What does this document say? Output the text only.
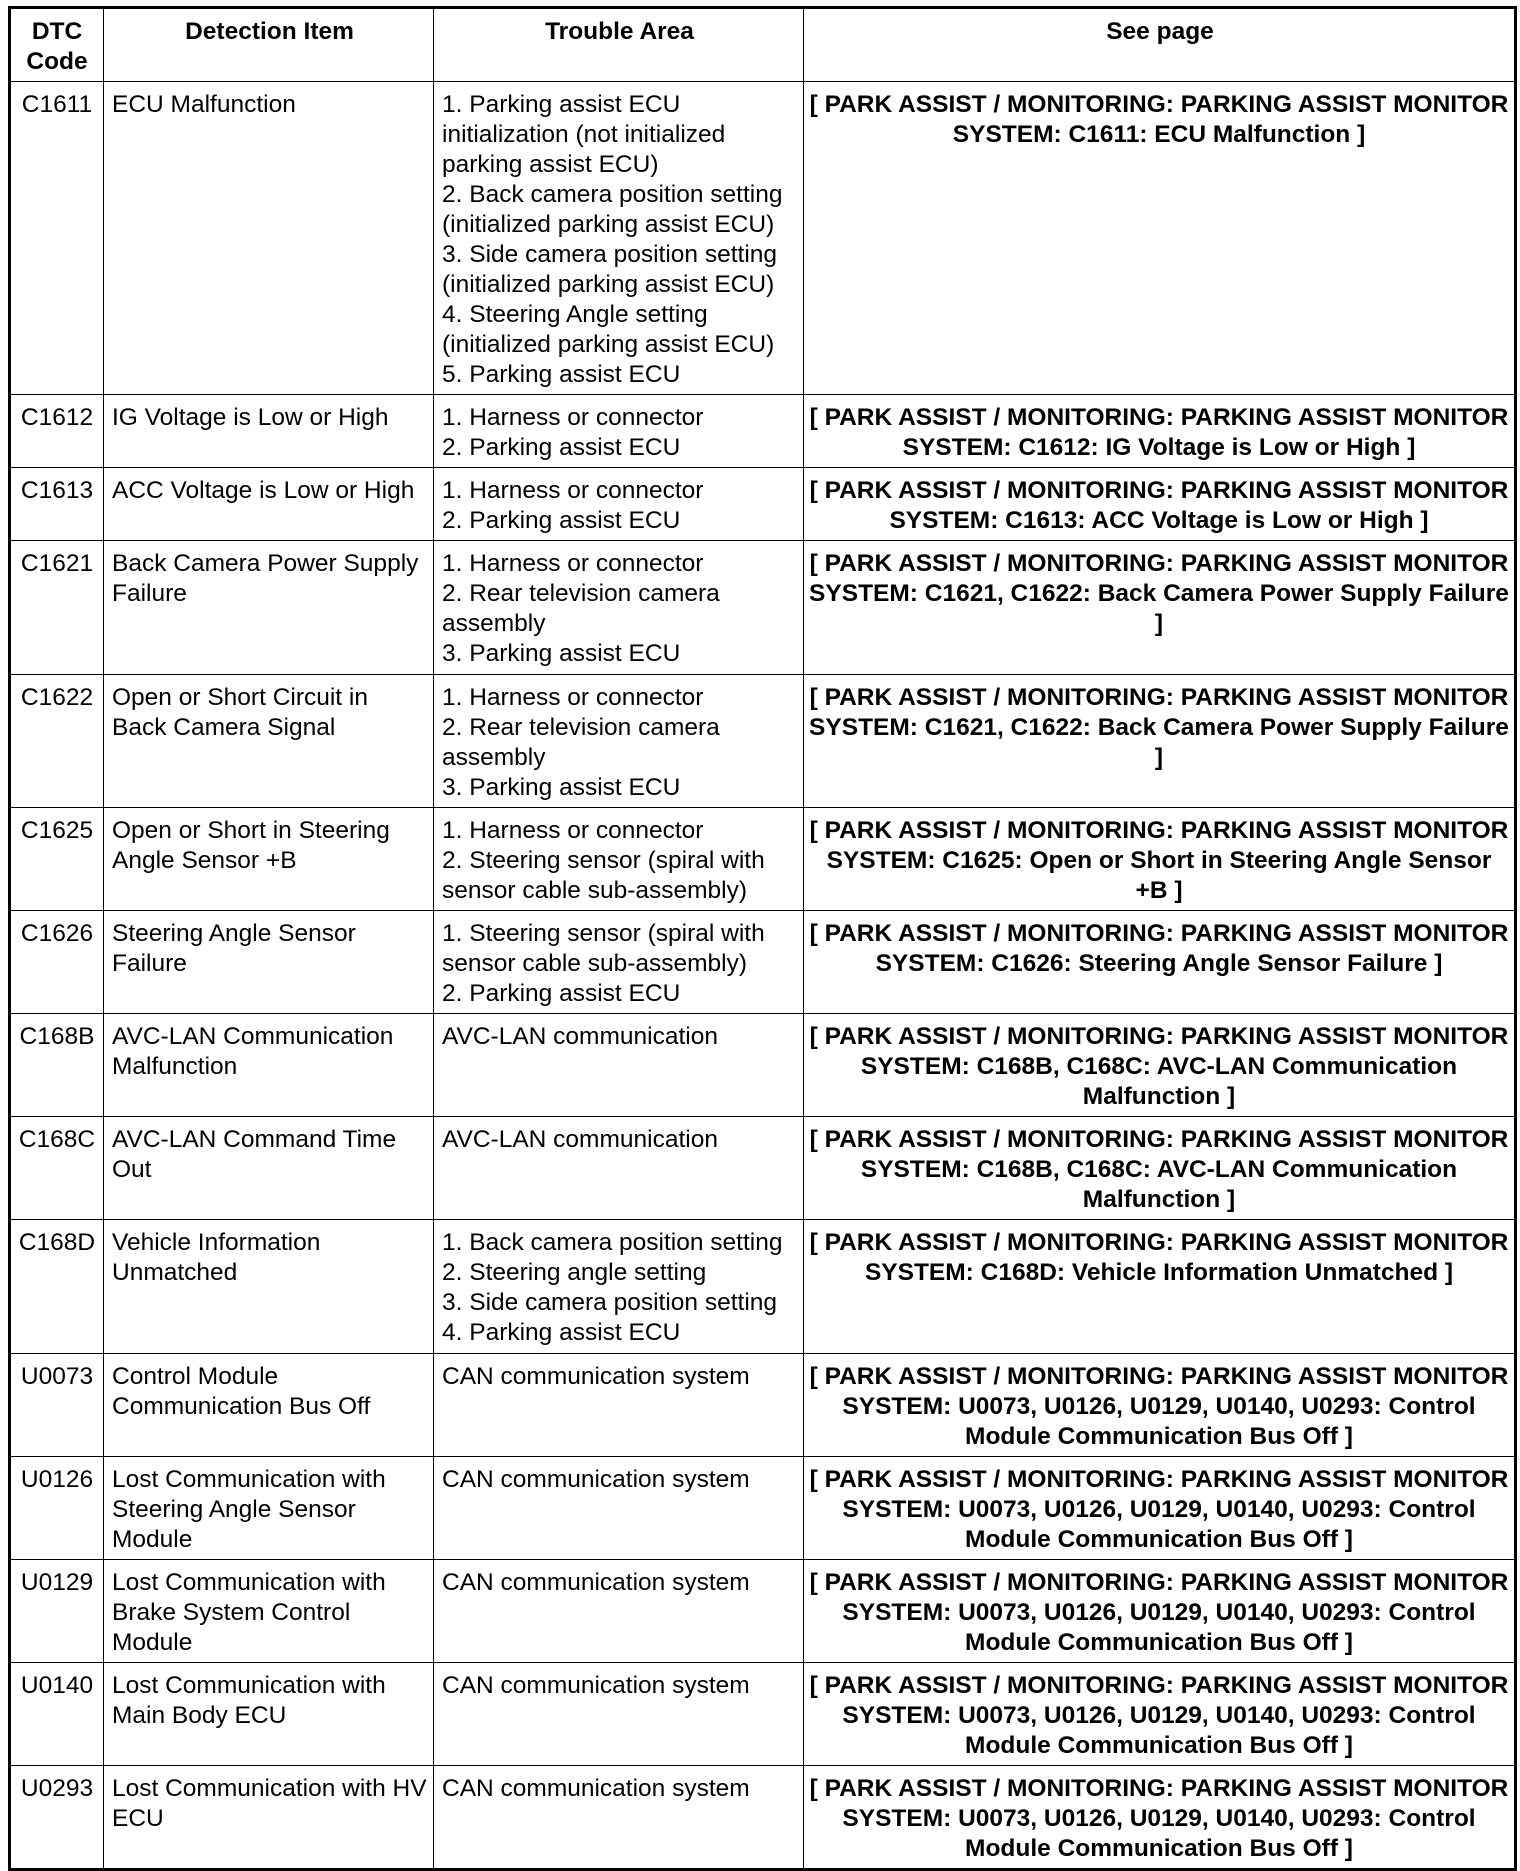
DTC Code	Detection Item	Trouble Area	See page
C1611	ECU Malfunction	1. Parking assist ECU initialization (not initialized parking assist ECU)
2. Back camera position setting (initialized parking assist ECU)
3. Side camera position setting (initialized parking assist ECU)
4. Steering Angle setting (initialized parking assist ECU)
5. Parking assist ECU	[ PARK ASSIST / MONITORING: PARKING ASSIST MONITOR SYSTEM: C1611: ECU Malfunction ]
C1612	IG Voltage is Low or High	1. Harness or connector
2. Parking assist ECU	[ PARK ASSIST / MONITORING: PARKING ASSIST MONITOR SYSTEM: C1612: IG Voltage is Low or High ]
C1613	ACC Voltage is Low or High	1. Harness or connector
2. Parking assist ECU	[ PARK ASSIST / MONITORING: PARKING ASSIST MONITOR SYSTEM: C1613: ACC Voltage is Low or High ]
C1621	Back Camera Power Supply Failure	1. Harness or connector
2. Rear television camera assembly
3. Parking assist ECU	[ PARK ASSIST / MONITORING: PARKING ASSIST MONITOR SYSTEM: C1621, C1622: Back Camera Power Supply Failure ]
C1622	Open or Short Circuit in Back Camera Signal	1. Harness or connector
2. Rear television camera assembly
3. Parking assist ECU	[ PARK ASSIST / MONITORING: PARKING ASSIST MONITOR SYSTEM: C1621, C1622: Back Camera Power Supply Failure ]
C1625	Open or Short in Steering Angle Sensor +B	1. Harness or connector
2. Steering sensor (spiral with sensor cable sub-assembly)	[ PARK ASSIST / MONITORING: PARKING ASSIST MONITOR SYSTEM: C1625: Open or Short in Steering Angle Sensor +B ]
C1626	Steering Angle Sensor Failure	1. Steering sensor (spiral with sensor cable sub-assembly)
2. Parking assist ECU	[ PARK ASSIST / MONITORING: PARKING ASSIST MONITOR SYSTEM: C1626: Steering Angle Sensor Failure ]
C168B	AVC-LAN Communication Malfunction	AVC-LAN communication	[ PARK ASSIST / MONITORING: PARKING ASSIST MONITOR SYSTEM: C168B, C168C: AVC-LAN Communication Malfunction ]
C168C	AVC-LAN Command Time Out	AVC-LAN communication	[ PARK ASSIST / MONITORING: PARKING ASSIST MONITOR SYSTEM: C168B, C168C: AVC-LAN Communication Malfunction ]
C168D	Vehicle Information Unmatched	1. Back camera position setting
2. Steering angle setting
3. Side camera position setting
4. Parking assist ECU	[ PARK ASSIST / MONITORING: PARKING ASSIST MONITOR SYSTEM: C168D: Vehicle Information Unmatched ]
U0073	Control Module Communication Bus Off	CAN communication system	[ PARK ASSIST / MONITORING: PARKING ASSIST MONITOR SYSTEM: U0073, U0126, U0129, U0140, U0293: Control Module Communication Bus Off ]
U0126	Lost Communication with Steering Angle Sensor Module	CAN communication system	[ PARK ASSIST / MONITORING: PARKING ASSIST MONITOR SYSTEM: U0073, U0126, U0129, U0140, U0293: Control Module Communication Bus Off ]
U0129	Lost Communication with Brake System Control Module	CAN communication system	[ PARK ASSIST / MONITORING: PARKING ASSIST MONITOR SYSTEM: U0073, U0126, U0129, U0140, U0293: Control Module Communication Bus Off ]
U0140	Lost Communication with Main Body ECU	CAN communication system	[ PARK ASSIST / MONITORING: PARKING ASSIST MONITOR SYSTEM: U0073, U0126, U0129, U0140, U0293: Control Module Communication Bus Off ]
U0293	Lost Communication with HV ECU	CAN communication system	[ PARK ASSIST / MONITORING: PARKING ASSIST MONITOR SYSTEM: U0073, U0126, U0129, U0140, U0293: Control Module Communication Bus Off ]
